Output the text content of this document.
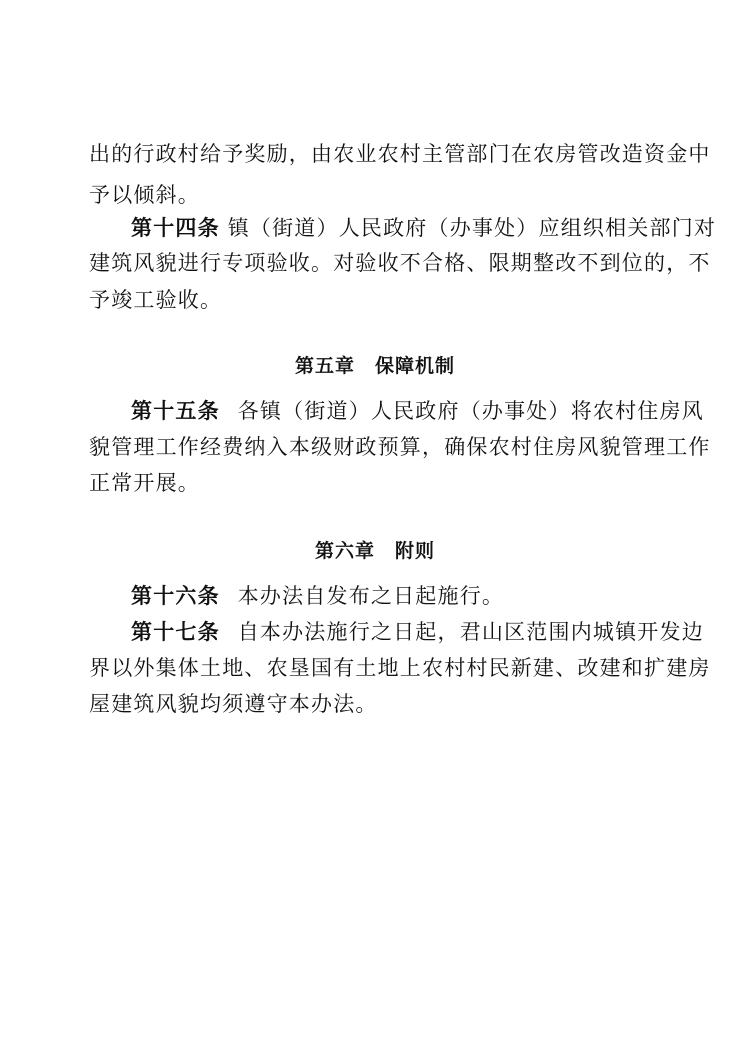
出的行政村给予奖励，由农业农村主管部门在农房管改造资金中
予以倾斜。
第十四条 镇（街道）人民政府（办事处）应组织相关部门对
建筑风貌进行专项验收。对验收不合格、限期整改不到位的，不
予竣工验收。
第五章　保障机制
第十五条 各镇（街道）人民政府（办事处）将农村住房风
貌管理工作经费纳入本级财政预算，确保农村住房风貌管理工作
正常开展。
第六章　附则
第十六条 本办法自发布之日起施行。
第十七条 自本办法施行之日起，君山区范围内城镇开发边
界以外集体土地、农垦国有土地上农村村民新建、改建和扩建房
屋建筑风貌均须遵守本办法。
